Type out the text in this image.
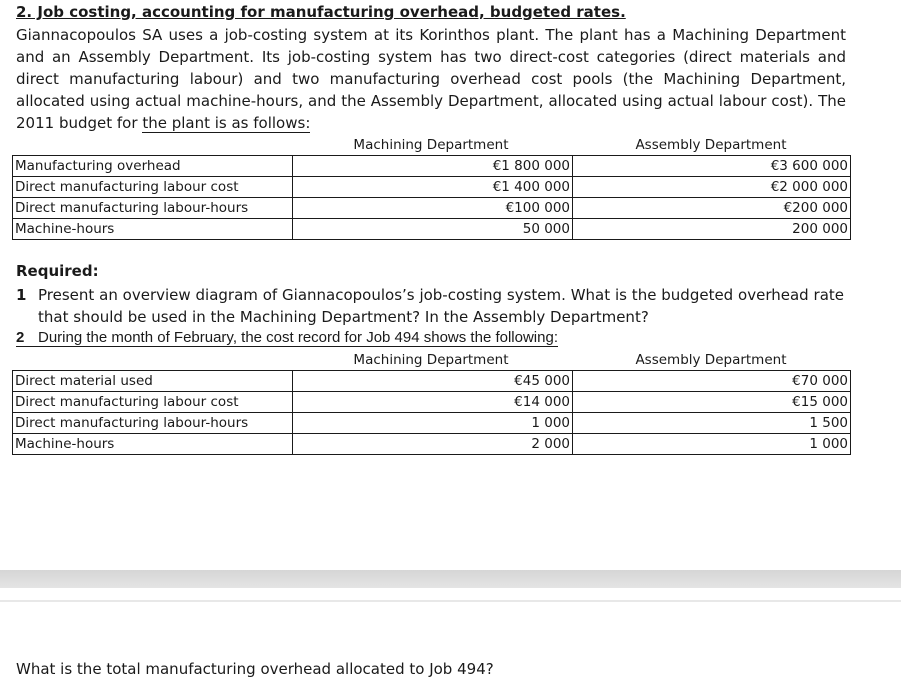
2. Job costing, accounting for manufacturing overhead, budgeted rates.

Giannacopoulos SA uses a job-costing system at its Korinthos plant. The plant has a Machining Department and an Assembly Department. Its job-costing system has two direct-cost categories (direct materials and direct manufacturing labour) and two manufacturing overhead cost pools (the Machining Department, allocated using actual machine-hours, and the Assembly Department, allocated using actual labour cost). The 2011 budget for the plant is as follows:

	Machining Department	Assembly Department
Manufacturing overhead	€1 800 000	€3 600 000
Direct manufacturing labour cost	€1 400 000	€2 000 000
Direct manufacturing labour-hours	€100 000	€200 000
Machine-hours	50 000	200 000
Required:
1 Present an overview diagram of Giannacopoulos’s job-costing system. What is the budgeted overhead rate that should be used in the Machining Department? In the Assembly Department?
2 During the month of February, the cost record for Job 494 shows the following:
	Machining Department	Assembly Department
Direct material used	€45 000	€70 000
Direct manufacturing labour cost	€14 000	€15 000
Direct manufacturing labour-hours	1 000	1 500
Machine-hours	2 000	1 000
What is the total manufacturing overhead allocated to Job 494?
